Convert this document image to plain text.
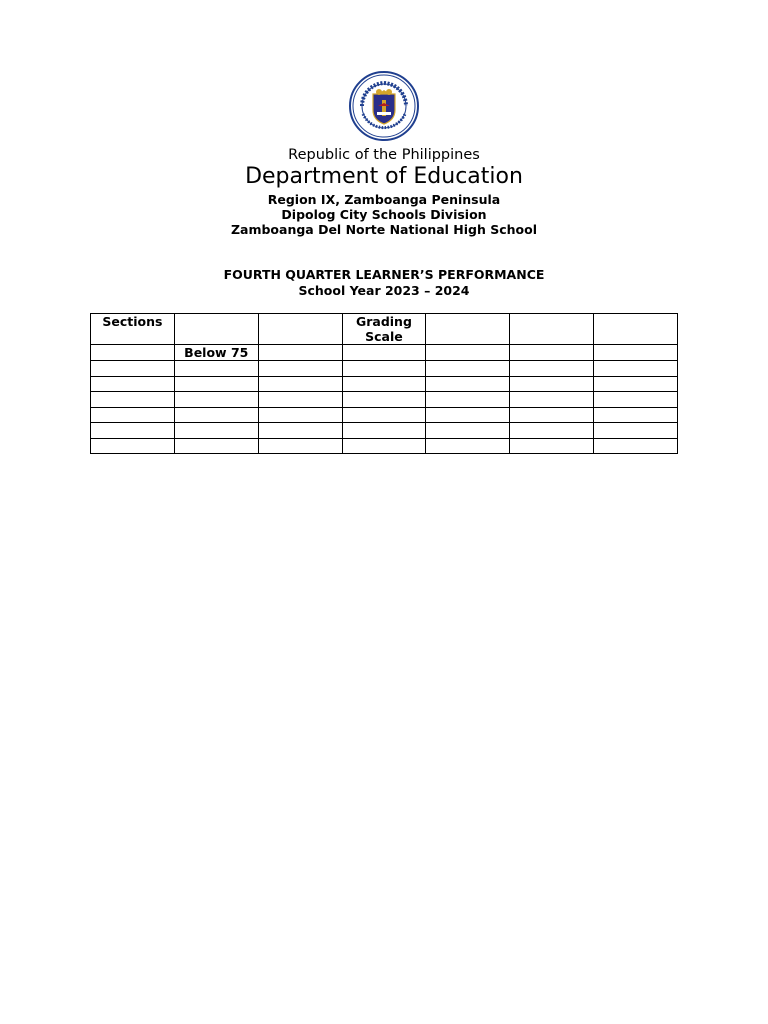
Republic of the Philippines
Department of Education
Region IX, Zamboanga Peninsula
Dipolog City Schools Division
Zamboanga Del Norte National High School
FOURTH QUARTER LEARNER’S PERFORMANCE
School Year 2023 – 2024
Sections			Grading Scale			
	Below 75					
